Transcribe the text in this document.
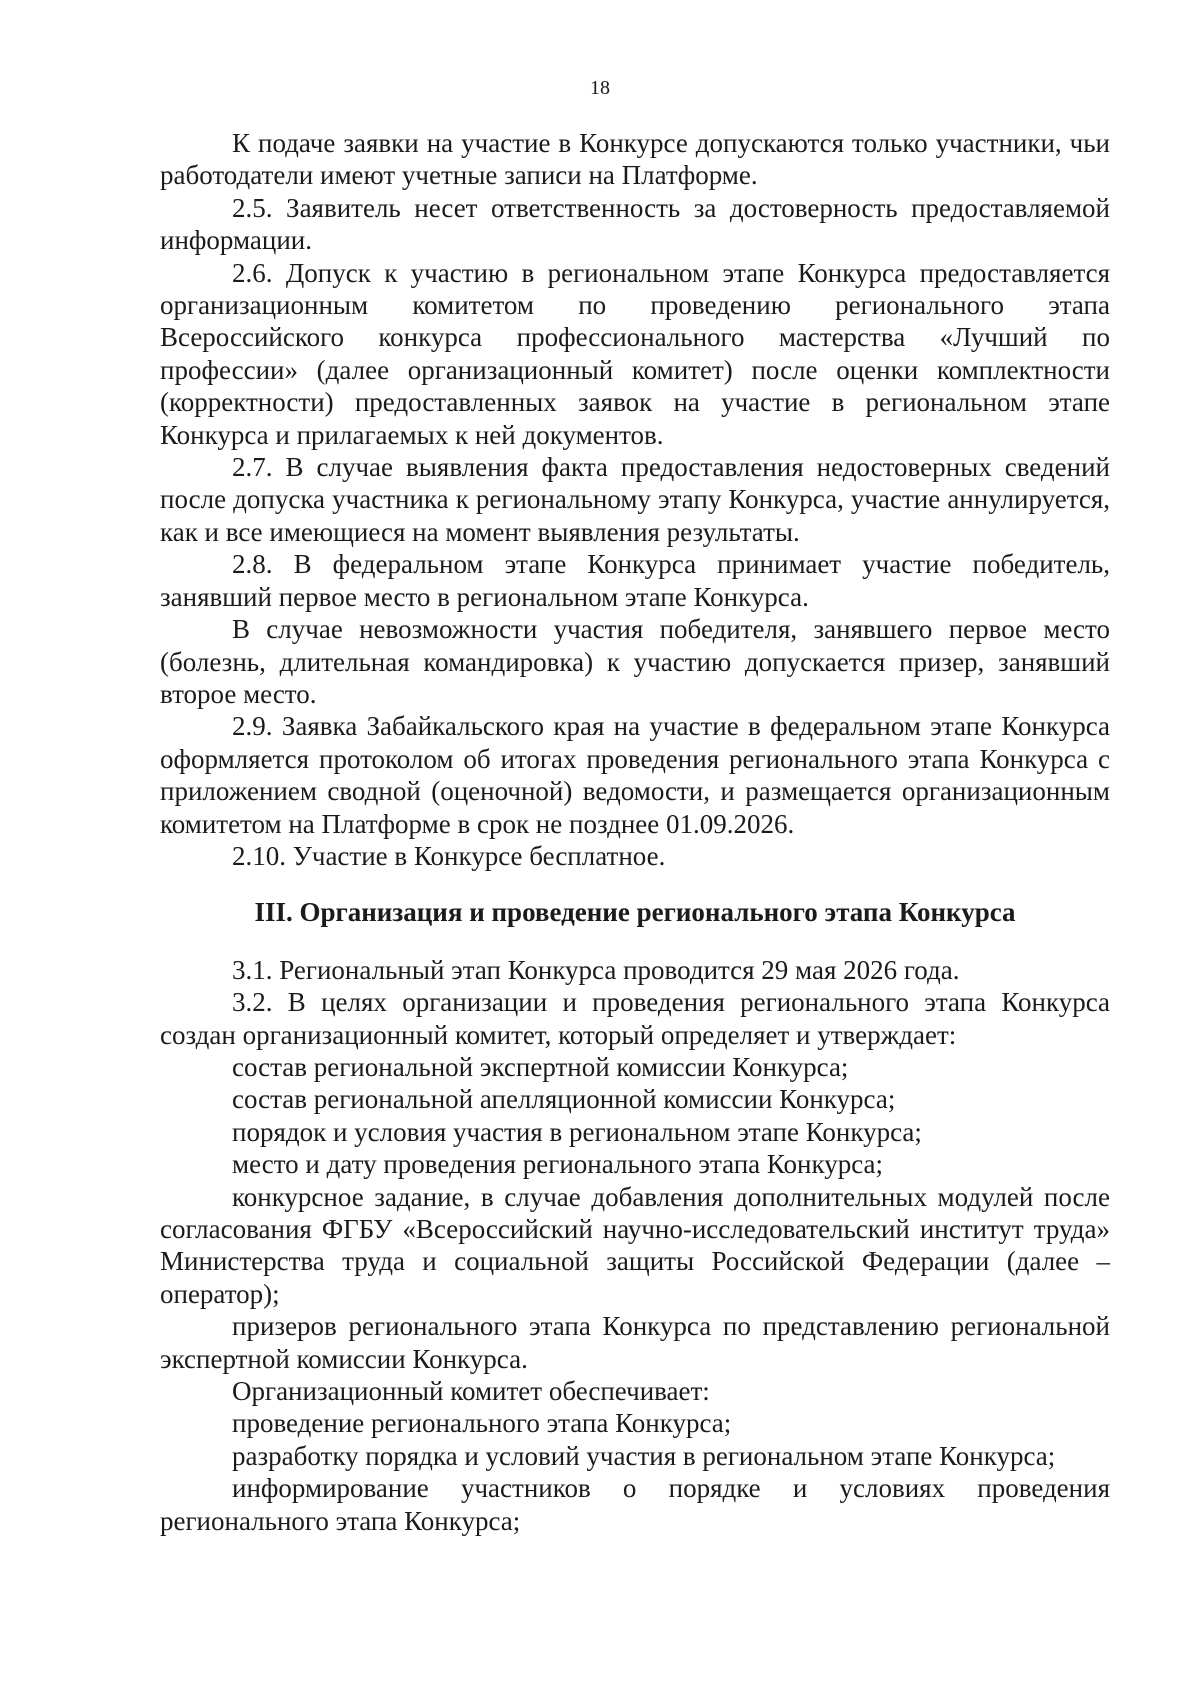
18

К подаче заявки на участие в Конкурсе допускаются только участники, чьи работодатели имеют учетные записи на Платформе.

2.5. Заявитель несет ответственность за достоверность предоставляемой информации.

2.6. Допуск к участию в региональном этапе Конкурса предоставляется организационным комитетом по проведению регионального этапа Всероссийского конкурса профессионального мастерства «Лучший по профессии» (далее организационный комитет) после оценки комплектности (корректности) предоставленных заявок на участие в региональном этапе Конкурса и прилагаемых к ней документов.

2.7. В случае выявления факта предоставления недостоверных сведений после допуска участника к региональному этапу Конкурса, участие аннулируется, как и все имеющиеся на момент выявления результаты.

2.8. В федеральном этапе Конкурса принимает участие победитель, занявший первое место в региональном этапе Конкурса.

В случае невозможности участия победителя, занявшего первое место (болезнь, длительная командировка) к участию допускается призер, занявший второе место.

2.9. Заявка Забайкальского края на участие в федеральном этапе Конкурса оформляется протоколом об итогах проведения регионального этапа Конкурса с приложением сводной (оценочной) ведомости, и размещается организационным комитетом на Платформе в срок не позднее 01.09.2026.

2.10. Участие в Конкурсе бесплатное.

III. Организация и проведение регионального этапа Конкурса

3.1. Региональный этап Конкурса проводится 29 мая 2026 года.

3.2. В целях организации и проведения регионального этапа Конкурса создан организационный комитет, который определяет и утверждает:

состав региональной экспертной комиссии Конкурса;

состав региональной апелляционной комиссии Конкурса;

порядок и условия участия в региональном этапе Конкурса;

место и дату проведения регионального этапа Конкурса;

конкурсное задание, в случае добавления дополнительных модулей после согласования ФГБУ «Всероссийский научно-исследовательский институт труда» Министерства труда и социальной защиты Российской Федерации (далее – оператор);

призеров регионального этапа Конкурса по представлению региональной экспертной комиссии Конкурса.

Организационный комитет обеспечивает:

проведение регионального этапа Конкурса;

разработку порядка и условий участия в региональном этапе Конкурса;

информирование участников о порядке и условиях проведения регионального этапа Конкурса;
